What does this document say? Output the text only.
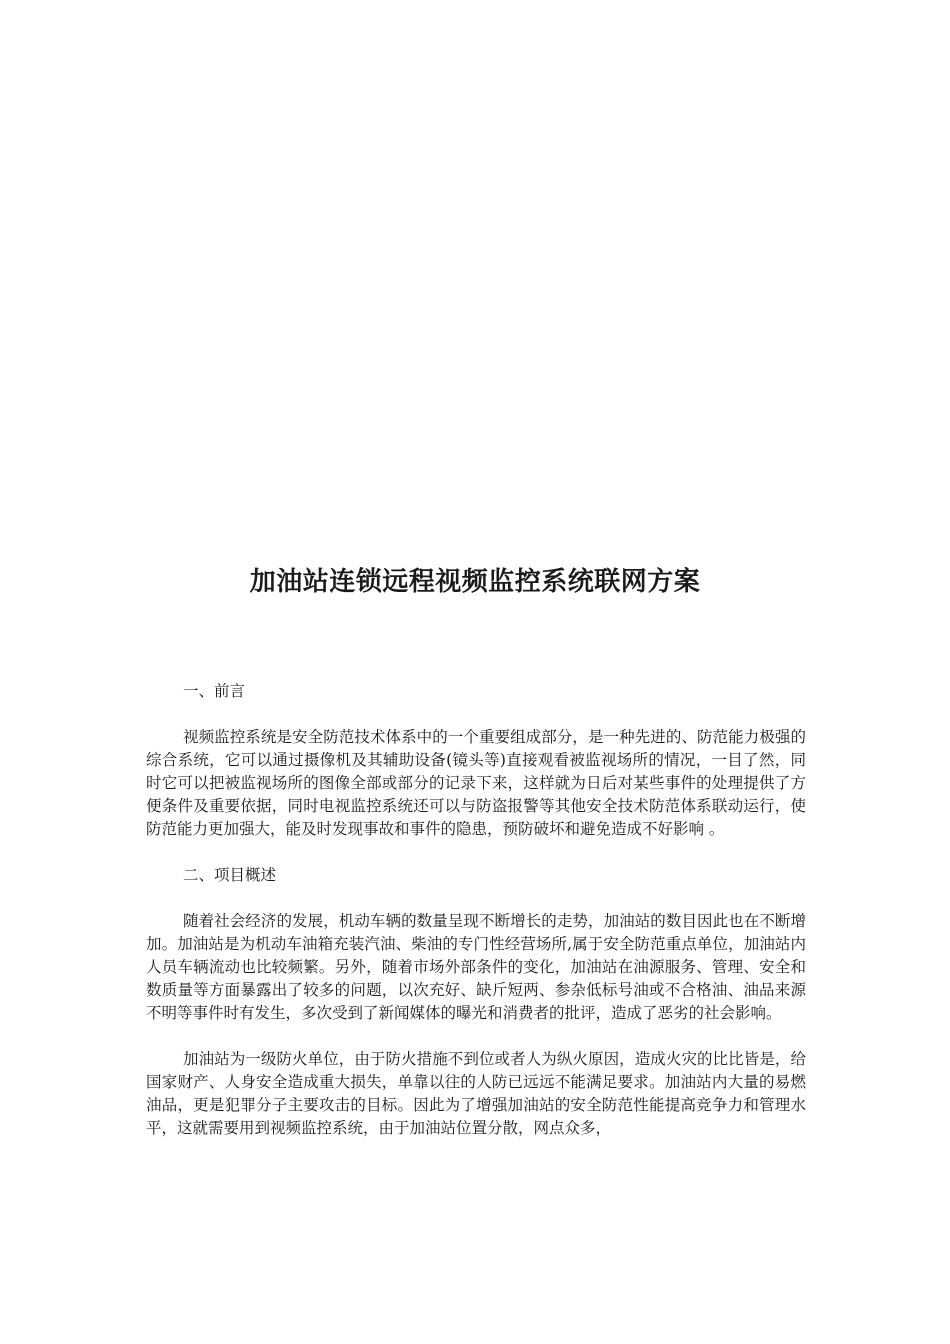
加油站连锁远程视频监控系统联网方案

一、前言

视频监控系统是安全防范技术体系中的一个重要组成部分，是一种先进的、防范能力极强的综合系统，它可以通过摄像机及其辅助设备(镜头等)直接观看被监视场所的情况，一目了然，同时它可以把被监视场所的图像全部或部分的记录下来，这样就为日后对某些事件的处理提供了方便条件及重要依据，同时电视监控系统还可以与防盗报警等其他安全技术防范体系联动运行，使防范能力更加强大，能及时发现事故和事件的隐患，预防破坏和避免造成不好影响 。

二、项目概述

随着社会经济的发展，机动车辆的数量呈现不断增长的走势，加油站的数目因此也在不断增加。加油站是为机动车油箱充装汽油、柴油的专门性经营场所,属于安全防范重点单位，加油站内人员车辆流动也比较频繁。另外，随着市场外部条件的变化，加油站在油源服务、管理、安全和数质量等方面暴露出了较多的问题，以次充好、缺斤短两、参杂低标号油或不合格油、油品来源不明等事件时有发生，多次受到了新闻媒体的曝光和消费者的批评，造成了恶劣的社会影响。

加油站为一级防火单位，由于防火措施不到位或者人为纵火原因，造成火灾的比比皆是，给国家财产、人身安全造成重大损失，单靠以往的人防已远远不能满足要求。加油站内大量的易燃油品，更是犯罪分子主要攻击的目标。因此为了增强加油站的安全防范性能提高竞争力和管理水平，这就需要用到视频监控系统，由于加油站位置分散，网点众多，
